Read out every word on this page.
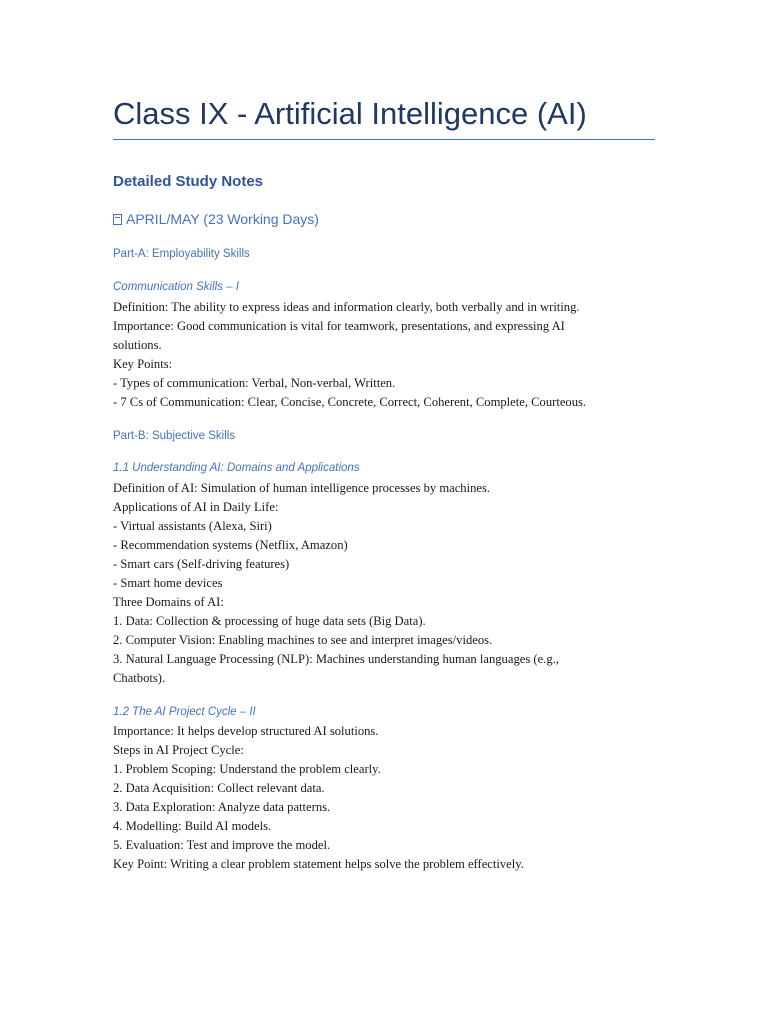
Class IX - Artificial Intelligence (AI)
Detailed Study Notes
APRIL/MAY (23 Working Days)
Part-A: Employability Skills
Communication Skills – I
Definition: The ability to express ideas and information clearly, both verbally and in writing.
Importance: Good communication is vital for teamwork, presentations, and expressing AI
solutions.
Key Points:
- Types of communication: Verbal, Non-verbal, Written.
- 7 Cs of Communication: Clear, Concise, Concrete, Correct, Coherent, Complete, Courteous.
Part-B: Subjective Skills
1.1 Understanding AI: Domains and Applications
Definition of AI: Simulation of human intelligence processes by machines.
Applications of AI in Daily Life:
- Virtual assistants (Alexa, Siri)
- Recommendation systems (Netflix, Amazon)
- Smart cars (Self-driving features)
- Smart home devices
Three Domains of AI:
1. Data: Collection & processing of huge data sets (Big Data).
2. Computer Vision: Enabling machines to see and interpret images/videos.
3. Natural Language Processing (NLP): Machines understanding human languages (e.g.,
Chatbots).
1.2 The AI Project Cycle – II
Importance: It helps develop structured AI solutions.
Steps in AI Project Cycle:
1. Problem Scoping: Understand the problem clearly.
2. Data Acquisition: Collect relevant data.
3. Data Exploration: Analyze data patterns.
4. Modelling: Build AI models.
5. Evaluation: Test and improve the model.
Key Point: Writing a clear problem statement helps solve the problem effectively.
